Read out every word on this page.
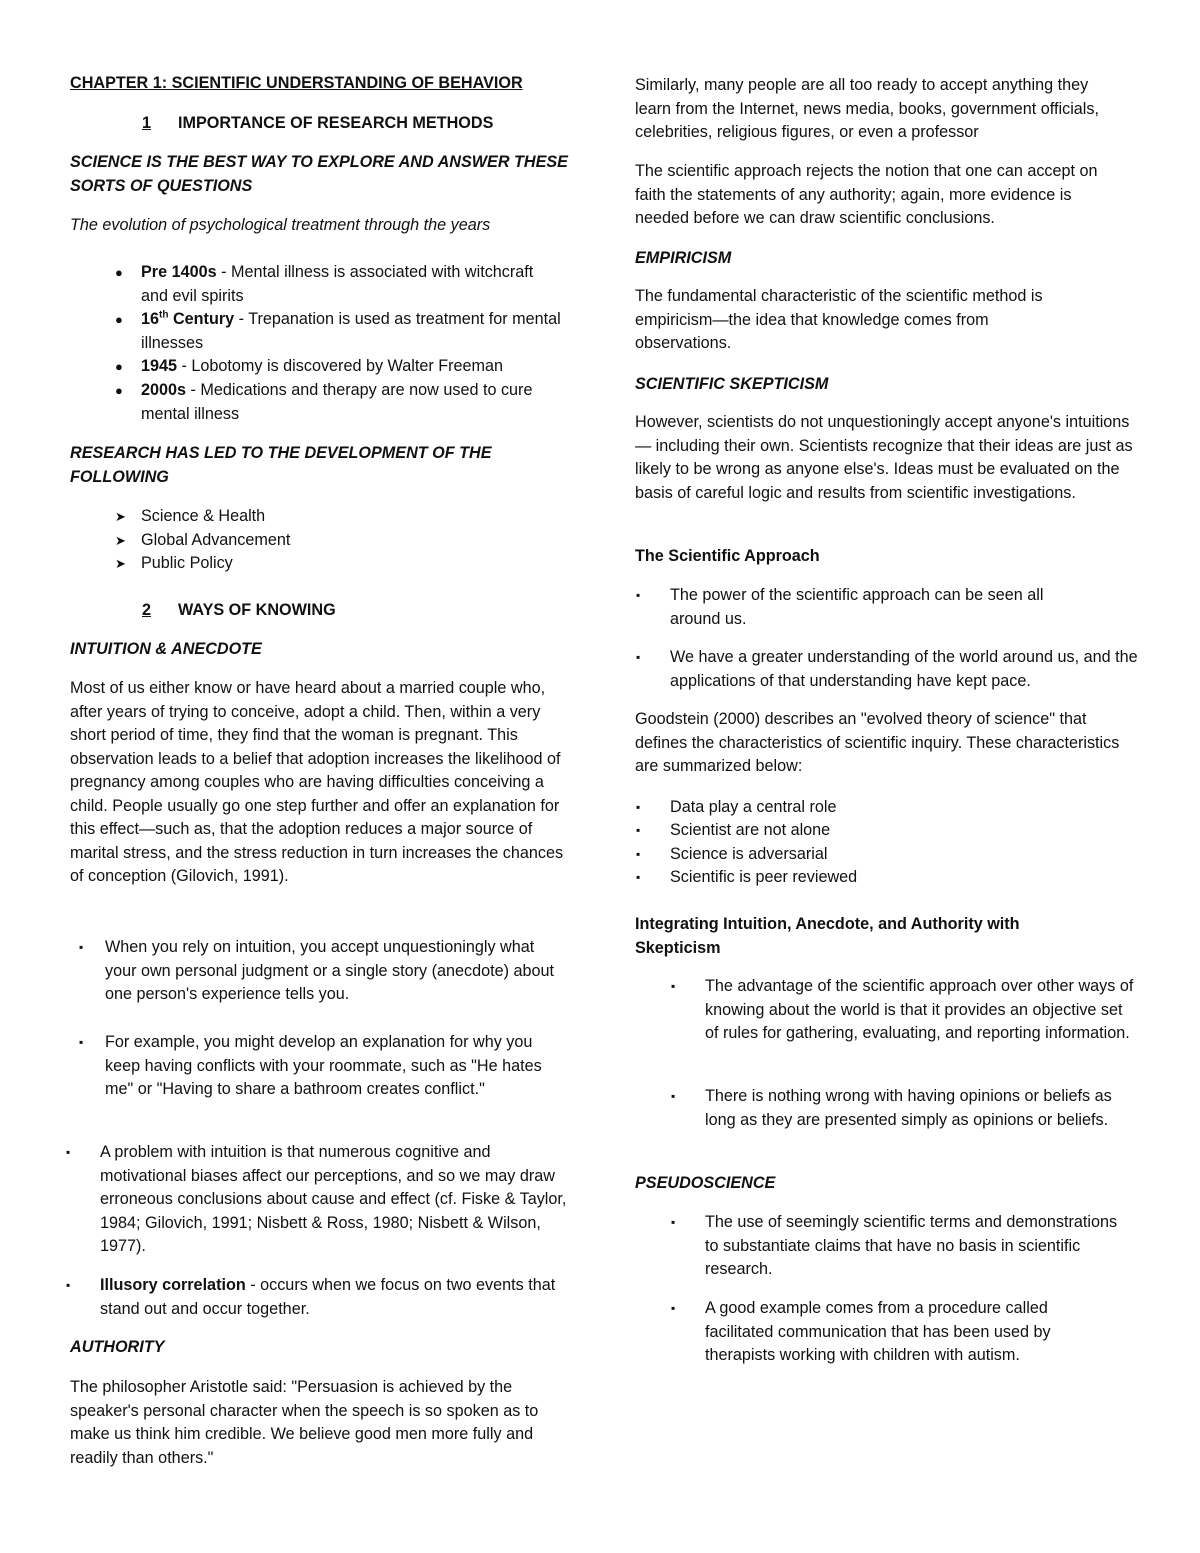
CHAPTER 1: SCIENTIFIC UNDERSTANDING OF BEHAVIOR

1 IMPORTANCE OF RESEARCH METHODS

SCIENCE IS THE BEST WAY TO EXPLORE AND ANSWER THESE SORTS OF QUESTIONS

The evolution of psychological treatment through the years

● Pre 1400s - Mental illness is associated with witchcraft and evil spirits
● 16th Century - Trepanation is used as treatment for mental illnesses
● 1945 - Lobotomy is discovered by Walter Freeman
● 2000s - Medications and therapy are now used to cure mental illness

RESEARCH HAS LED TO THE DEVELOPMENT OF THE FOLLOWING

➤ Science & Health
➤ Global Advancement
➤ Public Policy

2 WAYS OF KNOWING

INTUITION & ANECDOTE

Most of us either know or have heard about a married couple who, after years of trying to conceive, adopt a child. Then, within a very short period of time, they find that the woman is pregnant. This observation leads to a belief that adoption increases the likelihood of pregnancy among couples who are having difficulties conceiving a child. People usually go one step further and offer an explanation for this effect—such as, that the adoption reduces a major source of marital stress, and the stress reduction in turn increases the chances of conception (Gilovich, 1991).

▪ When you rely on intuition, you accept unquestioningly what your own personal judgment or a single story (anecdote) about one person's experience tells you.
▪ For example, you might develop an explanation for why you keep having conflicts with your roommate, such as "He hates me" or "Having to share a bathroom creates conflict."
▪ A problem with intuition is that numerous cognitive and motivational biases affect our perceptions, and so we may draw erroneous conclusions about cause and effect (cf. Fiske & Taylor, 1984; Gilovich, 1991; Nisbett & Ross, 1980; Nisbett & Wilson, 1977).
▪ Illusory correlation - occurs when we focus on two events that stand out and occur together.

AUTHORITY

The philosopher Aristotle said: "Persuasion is achieved by the speaker's personal character when the speech is so spoken as to make us think him credible. We believe good men more fully and readily than others."

Similarly, many people are all too ready to accept anything they learn from the Internet, news media, books, government officials, celebrities, religious figures, or even a professor

The scientific approach rejects the notion that one can accept on faith the statements of any authority; again, more evidence is needed before we can draw scientific conclusions.

EMPIRICISM

The fundamental characteristic of the scientific method is empiricism—the idea that knowledge comes from observations.

SCIENTIFIC SKEPTICISM

However, scientists do not unquestioningly accept anyone's intuitions— including their own. Scientists recognize that their ideas are just as likely to be wrong as anyone else's. Ideas must be evaluated on the basis of careful logic and results from scientific investigations.

The Scientific Approach

▪ The power of the scientific approach can be seen all around us.
▪ We have a greater understanding of the world around us, and the applications of that understanding have kept pace.

Goodstein (2000) describes an "evolved theory of science" that defines the characteristics of scientific inquiry. These characteristics are summarized below:

▪ Data play a central role
▪ Scientist are not alone
▪ Science is adversarial
▪ Scientific is peer reviewed

Integrating Intuition, Anecdote, and Authority with Skepticism

▪ The advantage of the scientific approach over other ways of knowing about the world is that it provides an objective set of rules for gathering, evaluating, and reporting information.
▪ There is nothing wrong with having opinions or beliefs as long as they are presented simply as opinions or beliefs.

PSEUDOSCIENCE

▪ The use of seemingly scientific terms and demonstrations to substantiate claims that have no basis in scientific research.
▪ A good example comes from a procedure called facilitated communication that has been used by therapists working with children with autism.
